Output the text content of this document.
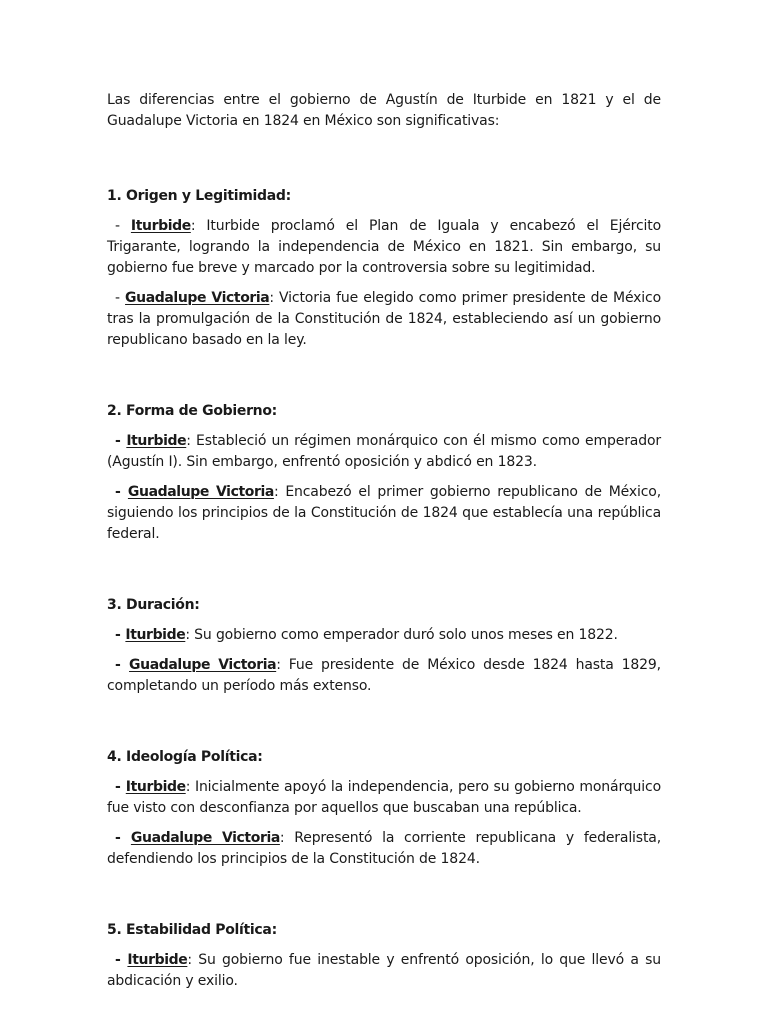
Las diferencias entre el gobierno de Agustín de Iturbide en 1821 y el de Guadalupe Victoria en 1824 en México son significativas:

1. Origen y Legitimidad:

- Iturbide: Iturbide proclamó el Plan de Iguala y encabezó el Ejército Trigarante, logrando la independencia de México en 1821. Sin embargo, su gobierno fue breve y marcado por la controversia sobre su legitimidad.

- Guadalupe Victoria: Victoria fue elegido como primer presidente de México tras la promulgación de la Constitución de 1824, estableciendo así un gobierno republicano basado en la ley.

2. Forma de Gobierno:

- Iturbide: Estableció un régimen monárquico con él mismo como emperador (Agustín I). Sin embargo, enfrentó oposición y abdicó en 1823.

- Guadalupe Victoria: Encabezó el primer gobierno republicano de México, siguiendo los principios de la Constitución de 1824 que establecía una república federal.

3. Duración:

- Iturbide: Su gobierno como emperador duró solo unos meses en 1822.

- Guadalupe Victoria: Fue presidente de México desde 1824 hasta 1829, completando un período más extenso.

4. Ideología Política:

- Iturbide: Inicialmente apoyó la independencia, pero su gobierno monárquico fue visto con desconfianza por aquellos que buscaban una república.

- Guadalupe Victoria: Representó la corriente republicana y federalista, defendiendo los principios de la Constitución de 1824.

5. Estabilidad Política:

- Iturbide: Su gobierno fue inestable y enfrentó oposición, lo que llevó a su abdicación y exilio.
